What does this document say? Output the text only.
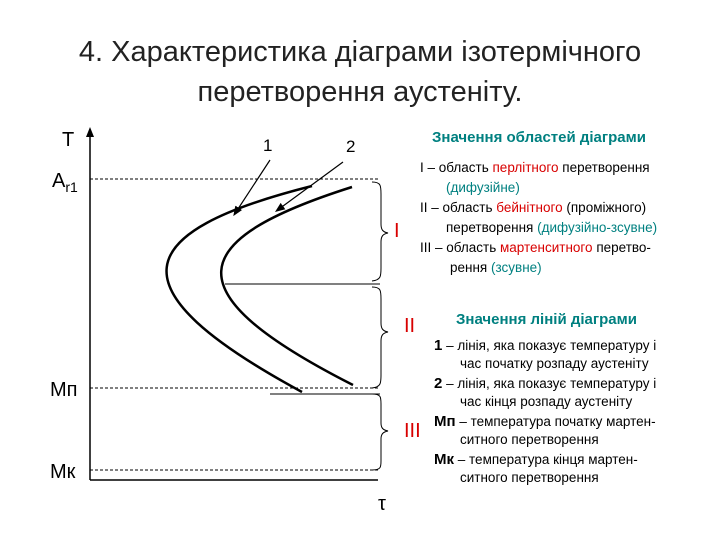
4. Характеристика діаграми ізотермічного
перетворення аустеніту.
T
$А_{r1}$
Мп
Мк
τ
1	2
I
II
III
Значення областей діаграми
I – область перлітного перетворення
(дифузійне)
II – область бейнітного (проміжного)
перетворення (дифузійно-зсувне)
III – область мартенситного перетво-
рення (зсувне)
Значення ліній діаграми
1 – лінія, яка показує температуру і
час початку розпаду аустеніту
2 – лінія, яка показує температуру і
час кінця розпаду аустеніту
Мп – температура початку мартен-
ситного перетворення
Мк – температура кінця мартен-
ситного перетворення
